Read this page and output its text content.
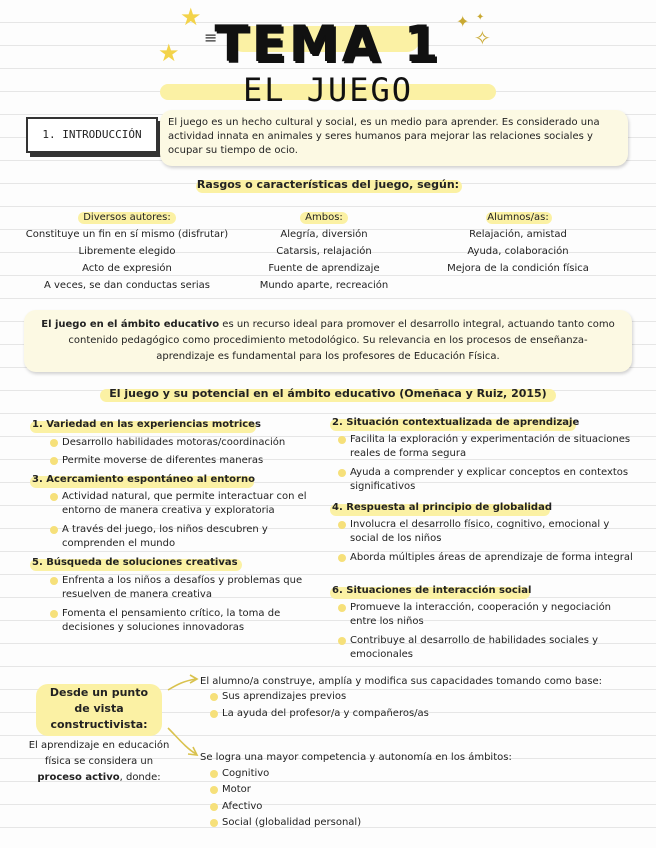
TEMA 1
EL JUEGO
★
★
≡
✦
✧
✦
1. INTRODUCCIÓN
El juego es un hecho cultural y social, es un medio para aprender. Es considerado una actividad innata en animales y seres humanos para mejorar las relaciones sociales y ocupar su tiempo de ocio.
Rasgos o características del juego, según:
Diversos autores:
Constituye un fin en sí mismo (disfrutar)
Libremente elegido
Acto de expresión
A veces, se dan conductas serias
Ambos:
Alegría, diversión
Catarsis, relajación
Fuente de aprendizaje
Mundo aparte, recreación
Alumnos/as:
Relajación, amistad
Ayuda, colaboración
Mejora de la condición física
El juego en el ámbito educativo es un recurso ideal para promover el desarrollo integral, actuando tanto como contenido pedagógico como procedimiento metodológico. Su relevancia en los procesos de enseñanza-aprendizaje es fundamental para los profesores de Educación Física.
El juego y su potencial en el ámbito educativo (Omeñaca y Ruiz, 2015)
1. Variedad en las experiencias motrices
Desarrollo habilidades motoras/coordinación
Permite moverse de diferentes maneras
3. Acercamiento espontáneo al entorno
Actividad natural, que permite interactuar con el entorno de manera creativa y exploratoria
A través del juego, los niños descubren y comprenden el mundo
5. Búsqueda de soluciones creativas
Enfrenta a los niños a desafíos y problemas que resuelven de manera creativa
Fomenta el pensamiento crítico, la toma de decisiones y soluciones innovadoras
2. Situación contextualizada de aprendizaje
Facilita la exploración y experimentación de situaciones reales de forma segura
Ayuda a comprender y explicar conceptos en contextos significativos
4. Respuesta al principio de globalidad
Involucra el desarrollo físico, cognitivo, emocional y social de los niños
Aborda múltiples áreas de aprendizaje de forma integral
6. Situaciones de interacción social
Promueve la interacción, cooperación y negociación entre los niños
Contribuye al desarrollo de habilidades sociales y emocionales
Desde un punto
de vista
constructivista:
El aprendizaje en educación
física se considera un
proceso activo, donde:
El alumno/a construye, amplía y modifica sus capacidades tomando como base:
Sus aprendizajes previos
La ayuda del profesor/a y compañeros/as
Se logra una mayor competencia y autonomía en los ámbitos:
Cognitivo
Motor
Afectivo
Social (globalidad personal)
